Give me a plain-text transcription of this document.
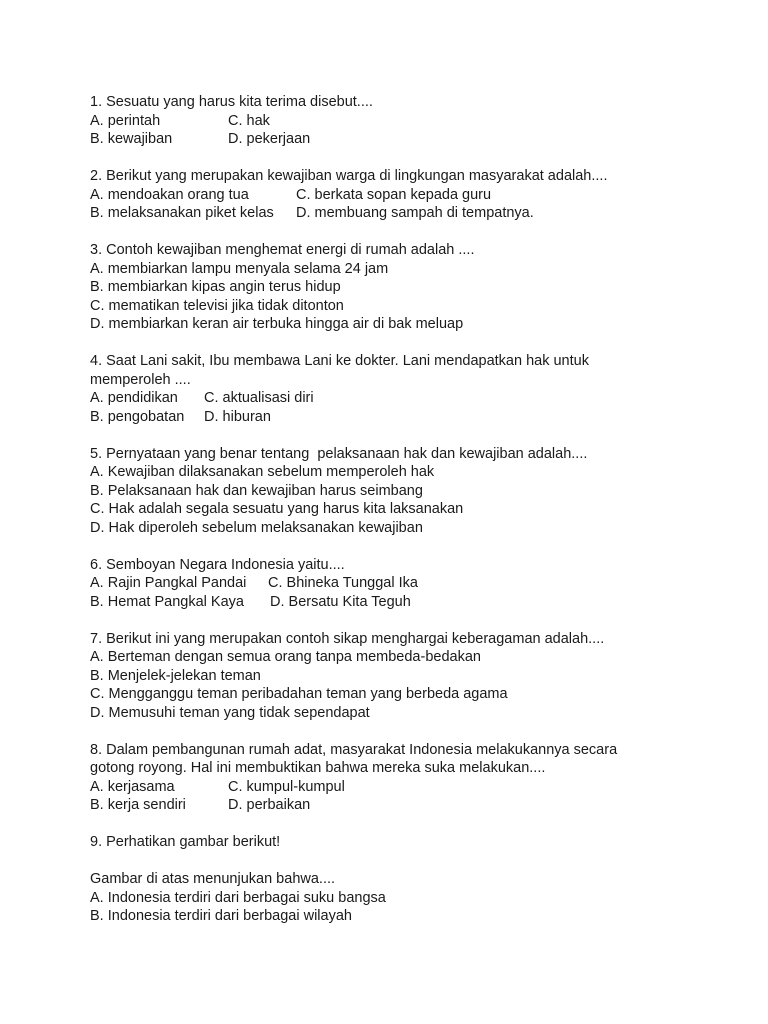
1. Sesuatu yang harus kita terima disebut....
A. perintah	C. hak
B. kewajiban	D. pekerjaan
2. Berikut yang merupakan kewajiban warga di lingkungan masyarakat adalah....
A. mendoakan orang tua	C. berkata sopan kepada guru
B. melaksanakan piket kelas	D. membuang sampah di tempatnya.
3. Contoh kewajiban menghemat energi di rumah adalah ....
A. membiarkan lampu menyala selama 24 jam
B. membiarkan kipas angin terus hidup
C. mematikan televisi jika tidak ditonton
D. membiarkan keran air terbuka hingga air di bak meluap
4. Saat Lani sakit, Ibu membawa Lani ke dokter. Lani mendapatkan hak untuk
memperoleh ....
A. pendidikan	C. aktualisasi diri
B. pengobatan	D. hiburan
5. Pernyataan yang benar tentang  pelaksanaan hak dan kewajiban adalah....
A. Kewajiban dilaksanakan sebelum memperoleh hak
B. Pelaksanaan hak dan kewajiban harus seimbang
C. Hak adalah segala sesuatu yang harus kita laksanakan
D. Hak diperoleh sebelum melaksanakan kewajiban
6. Semboyan Negara Indonesia yaitu....
A. Rajin Pangkal Pandai	C. Bhineka Tunggal Ika
B. Hemat Pangkal Kaya	D. Bersatu Kita Teguh
7. Berikut ini yang merupakan contoh sikap menghargai keberagaman adalah....
A. Berteman dengan semua orang tanpa membeda-bedakan
B. Menjelek-jelekan teman
C. Mengganggu teman peribadahan teman yang berbeda agama
D. Memusuhi teman yang tidak sependapat
8. Dalam pembangunan rumah adat, masyarakat Indonesia melakukannya secara
gotong royong. Hal ini membuktikan bahwa mereka suka melakukan....
A. kerjasama	C. kumpul-kumpul
B. kerja sendiri	D. perbaikan
9. Perhatikan gambar berikut!
Gambar di atas menunjukan bahwa....
A. Indonesia terdiri dari berbagai suku bangsa
B. Indonesia terdiri dari berbagai wilayah
